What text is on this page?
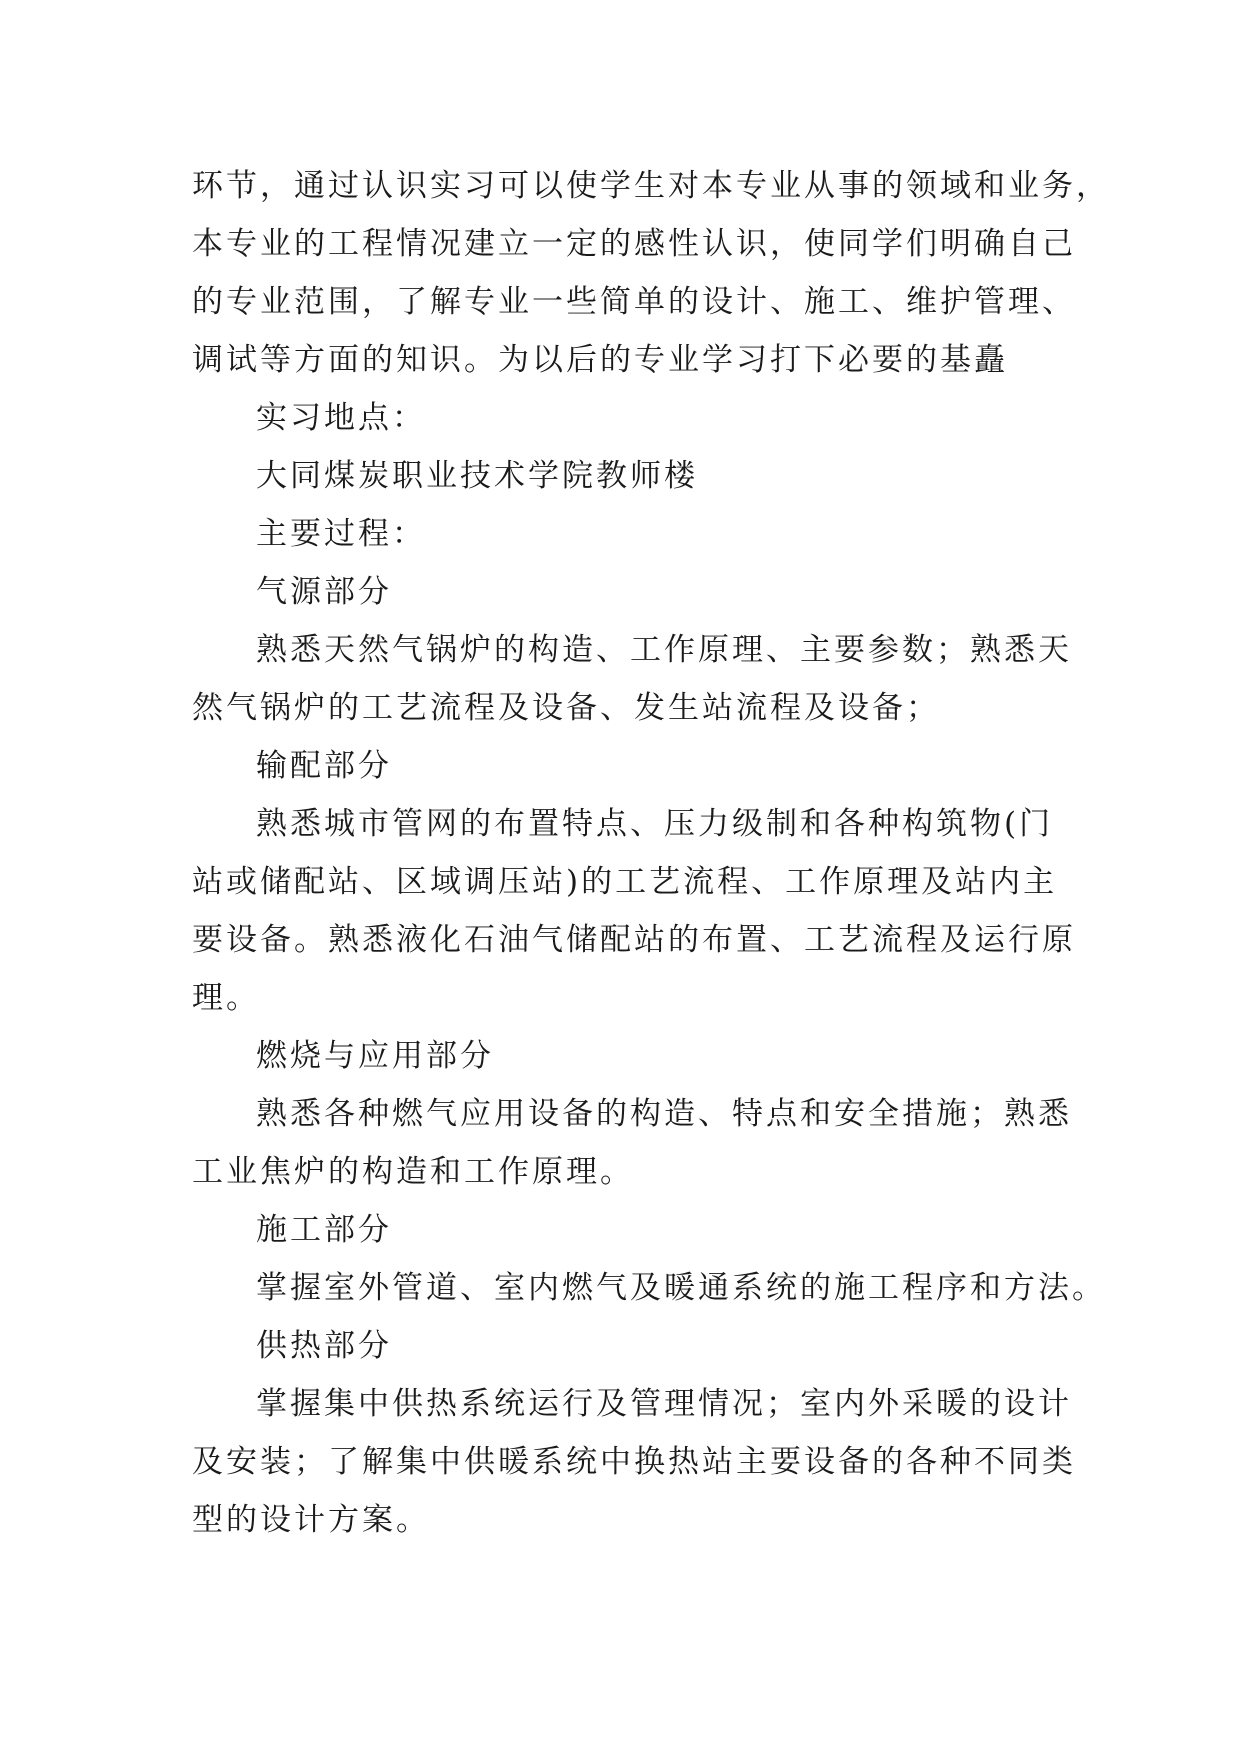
环节，通过认识实习可以使学生对本专业从事的领域和业务，
本专业的工程情况建立一定的感性认识，使同学们明确自己
的专业范围，了解专业一些简单的设计、施工、维护管理、
调试等方面的知识。为以后的专业学习打下必要的基矗
实习地点：
大同煤炭职业技术学院教师楼
主要过程：
气源部分
熟悉天然气锅炉的构造、工作原理、主要参数；熟悉天
然气锅炉的工艺流程及设备、发生站流程及设备；
输配部分
熟悉城市管网的布置特点、压力级制和各种构筑物(门
站或储配站、区域调压站)的工艺流程、工作原理及站内主
要设备。熟悉液化石油气储配站的布置、工艺流程及运行原
理。
燃烧与应用部分
熟悉各种燃气应用设备的构造、特点和安全措施；熟悉
工业焦炉的构造和工作原理。
施工部分
掌握室外管道、室内燃气及暖通系统的施工程序和方法。
供热部分
掌握集中供热系统运行及管理情况；室内外采暖的设计
及安装；了解集中供暖系统中换热站主要设备的各种不同类
型的设计方案。
